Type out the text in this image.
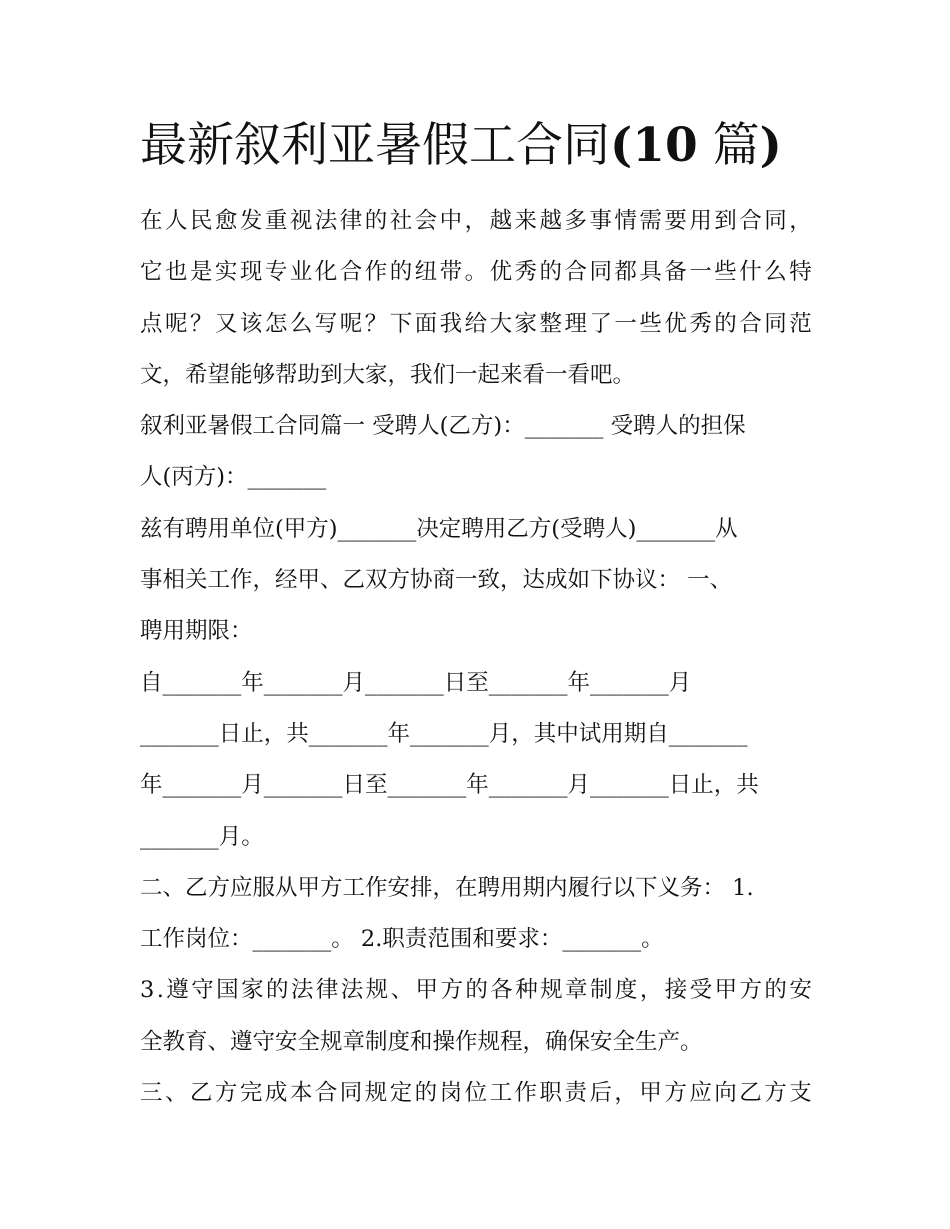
最新叙利亚暑假工合同(10 篇)
在 人 民 愈 发 重 视 法 律 的 社 会 中 ， 越 来 越 多 事 情 需 要 用 到 合 同 ，
它 也 是 实 现 专 业 化 合 作 的 纽 带 。 优 秀 的 合 同 都 具 备 一 些 什 么 特
点 呢 ？ 又 该 怎 么 写 呢 ？ 下 面 我 给 大 家 整 理 了 一 些 优 秀 的 合 同 范
文，希望能够帮助到大家，我们一起来看一看吧。
叙利亚暑假工合同篇一 受聘人(乙方)：_______ 受聘人的担保
人(丙方)：_______
兹有聘用单位(甲方)_______决定聘用乙方(受聘人)_______从
事相关工作，经甲、乙双方协商一致，达成如下协议： 一、
聘用期限：
自_______年_______月_______日至_______年_______月
_______日止，共_______年_______月，其中试用期自_______
年_______月_______日至_______年_______月_______日止，共
_______月。
二、乙方应服从甲方工作安排，在聘用期内履行以下义务： 1.
工作岗位：_______。 2.职责范围和要求：_______。
3 . 遵 守 国 家 的 法 律 法 规 、 甲 方 的 各 种 规 章 制 度 ， 接 受 甲 方 的 安
全教育、遵守安全规章制度和操作规程，确保安全生产。
三 、 乙 方 完 成 本 合 同 规 定 的 岗 位 工 作 职 责 后 ， 甲 方 应 向 乙 方 支
